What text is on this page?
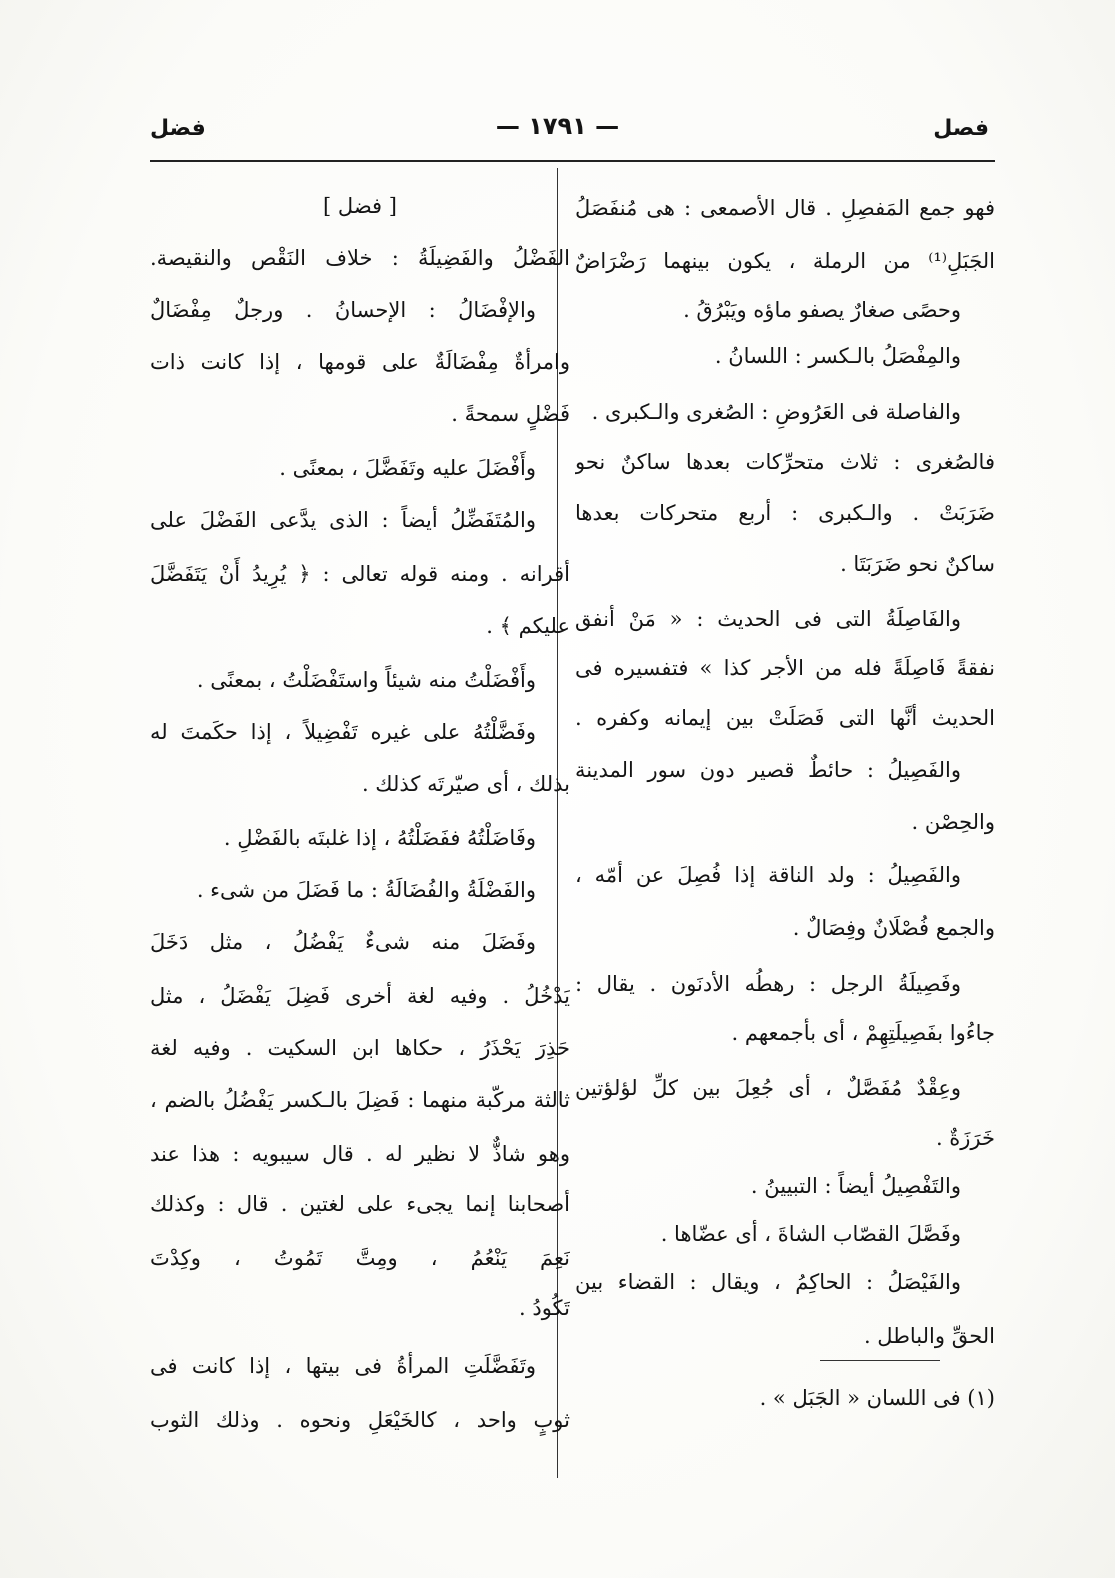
فصل
— ١٧٩١ —
فضل
فهو جمع المَفصِلِ . قال الأصمعى : هى مُنفَصَلُ
الجَبَلِ⁽¹⁾ من الرملة ، يكون بينهما رَضْرَاضٌ
وحصًى صغارٌ يصفو ماؤه ويَبْرُقُ .
والمِفْصَلُ بالـكسر : اللسانُ .
والفاصلة فى العَرُوضِ : الصُغرى والـكبرى .
فالصُغرى : ثلاث متحرِّكات بعدها ساكنٌ نحو
ضَرَبَتْ . والـكبرى : أربع متحركات بعدها
ساكنٌ نحو ضَرَبَتَا .
والفَاصِلَةُ التى فى الحديث : « مَنْ أنفق
نفقةً فَاصِلَةً فله من الأجر كذا » فتفسيره فى
الحديث أنَّها التى فَصَلَتْ بين إيمانه وكفره .
والفَصِيلُ : حائطٌ قصير دون سور المدينة
والحِصْن .
والفَصِيلُ : ولد الناقة إذا فُصِلَ عن أمّه ،
والجمع فُصْلَانٌ وفِصَالٌ .
وفَصِيلَةُ الرجل : رهطُه الأدنَون . يقال :
جاءُوا بفَصِيلَتِهِمْ ، أى بأجمعهم .
وعِقْدٌ مُفَصَّلٌ ، أى جُعِلَ بين كلِّ لؤلؤتين
خَرَزَةٌ .
والتَفْصِيلُ أيضاً : التبيينُ .
وفَصَّلَ القصّاب الشاةَ ، أى عضّاها .
والفَيْصَلُ : الحاكِمُ ، ويقال : القضاء بين
الحقِّ والباطل .
(١) فى اللسان « الجَبَل » .
[ فضل ]
الفَضْلُ والفَضِيلَةُ : خلاف النَقْص والنقيصة.
والإفْضَالُ : الإحسانُ . ورجلٌ مِفْضَالٌ
وامرأةٌ مِفْضَالَةٌ على قومها ، إذا كانت ذات
فَضْلٍ سمحةً .
وأَفْضَلَ عليه وتَفَضَّلَ ، بمعنًى .
والمُتَفَضِّلُ أيضاً : الذى يدَّعى الفَضْلَ على
أقرانه . ومنه قوله تعالى : ﴿ يُرِيدُ أَنْ يَتَفَضَّلَ
عليكم ﴾ .
وأَفْضَلْتُ منه شيئاً واستَفْضَلْتُ ، بمعنًى .
وفَضَّلْتُهُ على غيره تَفْضِيلاً ، إذا حكَمتَ له
بذلك ، أى صيّرتَه كذلك .
وفَاضَلْتُهُ ففَضَلْتُهُ ، إذا غلبتَه بالفَضْلِ .
والفَضْلَةُ والفُضَالَةُ : ما فَضَلَ من شىء .
وفَضَلَ منه شىءٌ يَفْضُلُ ، مثل دَخَلَ
يَدْخُلُ . وفيه لغة أخرى فَضِلَ يَفْضَلُ ، مثل
حَذِرَ يَحْذَرُ ، حكاها ابن السكيت . وفيه لغة
ثالثة مركّبة منهما : فَضِلَ بالـكسر يَفْضُلُ بالضم ،
وهو شاذٌّ لا نظير له . قال سيبويه : هذا عند
أصحابنا إنما يجىء على لغتين . قال : وكذلك
نَعِمَ يَنْعُمُ ، ومِتَّ تَمُوتُ ، وكِدْتَ
تَكُودُ .
وتَفَضَّلَتِ المرأةُ فى بيتها ، إذا كانت فى
ثوبٍ واحد ، كالخَيْعَلِ ونحوه . وذلك الثوب
